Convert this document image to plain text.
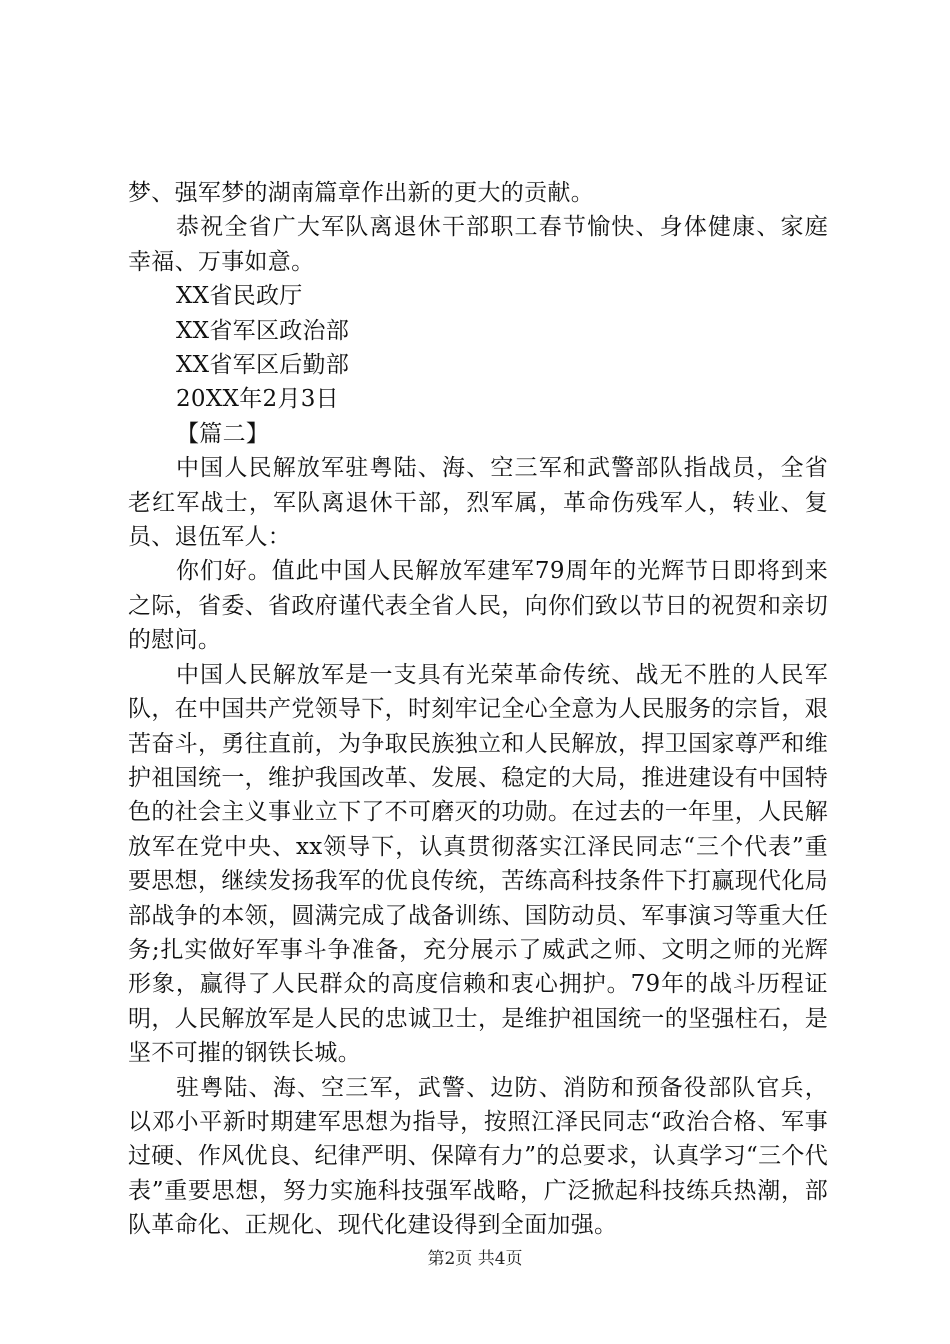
梦、强军梦的湖南篇章作出新的更大的贡献。

恭祝全省广大军队离退休干部职工春节愉快、身体健康、家庭幸福、万事如意。

XX省民政厅

XX省军区政治部

XX省军区后勤部

20XX年2月3日

【篇二】

中国人民解放军驻粤陆、海、空三军和武警部队指战员，全省老红军战士，军队离退休干部，烈军属，革命伤残军人，转业、复员、退伍军人：

你们好。值此中国人民解放军建军79周年的光辉节日即将到来之际，省委、省政府谨代表全省人民，向你们致以节日的祝贺和亲切的慰问。

中国人民解放军是一支具有光荣革命传统、战无不胜的人民军队，在中国共产党领导下，时刻牢记全心全意为人民服务的宗旨，艰苦奋斗，勇往直前，为争取民族独立和人民解放，捍卫国家尊严和维护祖国统一，维护我国改革、发展、稳定的大局，推进建设有中国特色的社会主义事业立下了不可磨灭的功勋。在过去的一年里，人民解放军在党中央、xx领导下，认真贯彻落实江泽民同志“三个代表”重要思想，继续发扬我军的优良传统，苦练高科技条件下打赢现代化局部战争的本领，圆满完成了战备训练、国防动员、军事演习等重大任务;扎实做好军事斗争准备，充分展示了威武之师、文明之师的光辉形象，赢得了人民群众的高度信赖和衷心拥护。79年的战斗历程证明，人民解放军是人民的忠诚卫士，是维护祖国统一的坚强柱石，是坚不可摧的钢铁长城。

驻粤陆、海、空三军，武警、边防、消防和预备役部队官兵，以邓小平新时期建军思想为指导，按照江泽民同志“政治合格、军事过硬、作风优良、纪律严明、保障有力”的总要求，认真学习“三个代表”重要思想，努力实施科技强军战略，广泛掀起科技练兵热潮，部队革命化、正规化、现代化建设得到全面加强。

第2页 共4页
